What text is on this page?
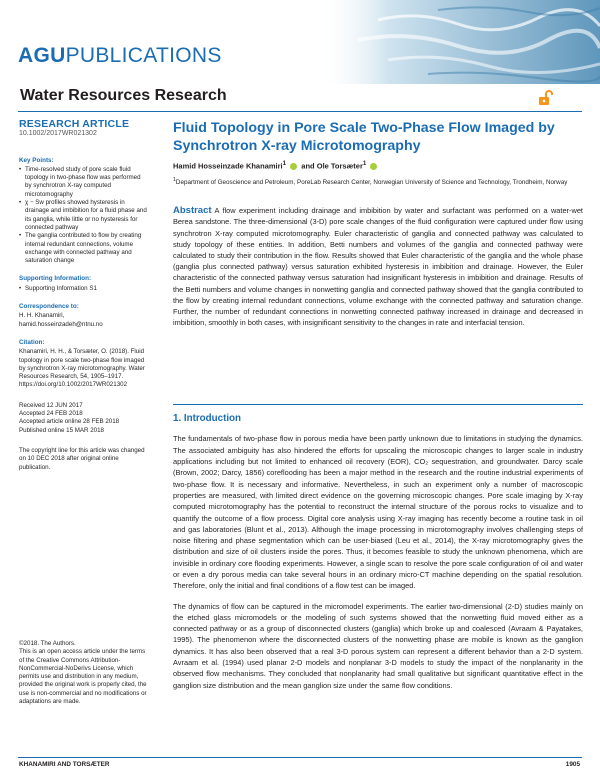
AGUPUBLICATIONS
Water Resources Research
RESEARCH ARTICLE
10.1002/2017WR021302
Key Points:
• Time-resolved study of pore scale fluid topology in two-phase flow was performed by synchrotron X-ray computed microtomography
• χ − Sw profiles showed hysteresis in drainage and imbibition for a fluid phase and its ganglia, while little or no hysteresis for connected pathway
• The ganglia contributed to flow by creating internal redundant connections, volume exchange with connected pathway and saturation change
Supporting Information:
• Supporting Information S1
Correspondence to:
H. H. Khanamiri,
hamid.hosseinzadeh@ntnu.no
Citation:
Khanamiri, H. H., & Torsæter, O. (2018). Fluid topology in pore scale two-phase flow imaged by synchrotron X-ray microtomography. Water Resources Research, 54, 1905–1917. https://doi.org/10.1002/2017WR021302
Received 12 JUN 2017
Accepted 24 FEB 2018
Accepted article online 28 FEB 2018
Published online 15 MAR 2018
The copyright line for this article was changed on 10 DEC 2018 after original online publication.
©2018. The Authors.
This is an open access article under the terms of the Creative Commons Attribution-NonCommercial-NoDerivs License, which permits use and distribution in any medium, provided the original work is properly cited, the use is non-commercial and no modifications or adaptations are made.
Fluid Topology in Pore Scale Two-Phase Flow Imaged by Synchrotron X-ray Microtomography
Hamid Hosseinzade Khanamiri$^1$ and Ole Torsæter$^1$
$^1$Department of Geoscience and Petroleum, PoreLab Research Center, Norwegian University of Science and Technology, Trondheim, Norway
Abstract A flow experiment including drainage and imbibition by water and surfactant was performed on a water-wet Berea sandstone. The three-dimensional (3-D) pore scale changes of the fluid configuration were captured under flow using synchrotron X-ray computed microtomography. Euler characteristic of ganglia and connected pathway was calculated to study topology of these entities. In addition, Betti numbers and volumes of the ganglia and connected pathway were calculated to study their contribution in the flow. Results showed that Euler characteristic of the ganglia and the whole phase (ganglia plus connected pathway) versus saturation exhibited hysteresis in imbibition and drainage. However, the Euler characteristic of the connected pathway versus saturation had insignificant hysteresis in imbibition and drainage. Results of the Betti numbers and volume changes in nonwetting ganglia and connected pathway showed that the ganglia contributed to the flow by creating internal redundant connections, volume exchange with the connected pathway and saturation change. Further, the number of redundant connections in nonwetting connected pathway increased in drainage and decreased in imbibition, smoothly in both cases, with insignificant sensitivity to the changes in rate and interfacial tension.
1. Introduction
The fundamentals of two-phase flow in porous media have been partly unknown due to limitations in studying the dynamics. The associated ambiguity has also hindered the efforts for upscaling the microscopic changes to larger scale in industry applications including but not limited to enhanced oil recovery (EOR), CO₂ sequestration, and groundwater. Darcy scale (Brown, 2002; Darcy, 1856) coreflooding has been a major method in the research and the routine industrial experiments of two-phase flow. It is necessary and informative. Nevertheless, in such an experiment only a number of macroscopic properties are measured, with limited direct evidence on the governing microscopic changes. Pore scale imaging by X-ray computed microtomography has the potential to reconstruct the internal structure of the porous rocks to visualize and to quantify the outcome of a flow process. Digital core analysis using X-ray imaging has recently become a routine task in oil and gas laboratories (Blunt et al., 2013). Although the image processing in microtomography involves challenging steps of noise filtering and phase segmentation which can be user-biased (Leu et al., 2014), the X-ray microtomography gives the distribution and size of oil clusters inside the pores. Thus, it becomes feasible to study the unknown phenomena, which are invisible in ordinary core flooding experiments. However, a single scan to resolve the pore scale configuration of oil and water or even a dry porous media can take several hours in an ordinary micro-CT machine depending on the spatial resolution. Therefore, only the initial and final conditions of a flow test can be imaged.
The dynamics of flow can be captured in the micromodel experiments. The earlier two-dimensional (2-D) studies mainly on the etched glass micromodels or the modeling of such systems showed that the nonwetting fluid moved either as a connected pathway or as a group of disconnected clusters (ganglia) which broke up and coalesced (Avraam & Payatakes, 1995). The phenomenon where the disconnected clusters of the nonwetting phase are mobile is known as the ganglion dynamics. It has also been observed that a real 3-D porous system can represent a different behavior than a 2-D system. Avraam et al. (1994) used planar 2-D models and nonplanar 3-D models to study the impact of the nonplanarity in the observed flow mechanisms. They concluded that nonplanarity had small qualitative but significant quantitative effect in the ganglion size distribution and the mean ganglion size under the same flow conditions.
KHANAMIRI AND TORSÆTER	1905
